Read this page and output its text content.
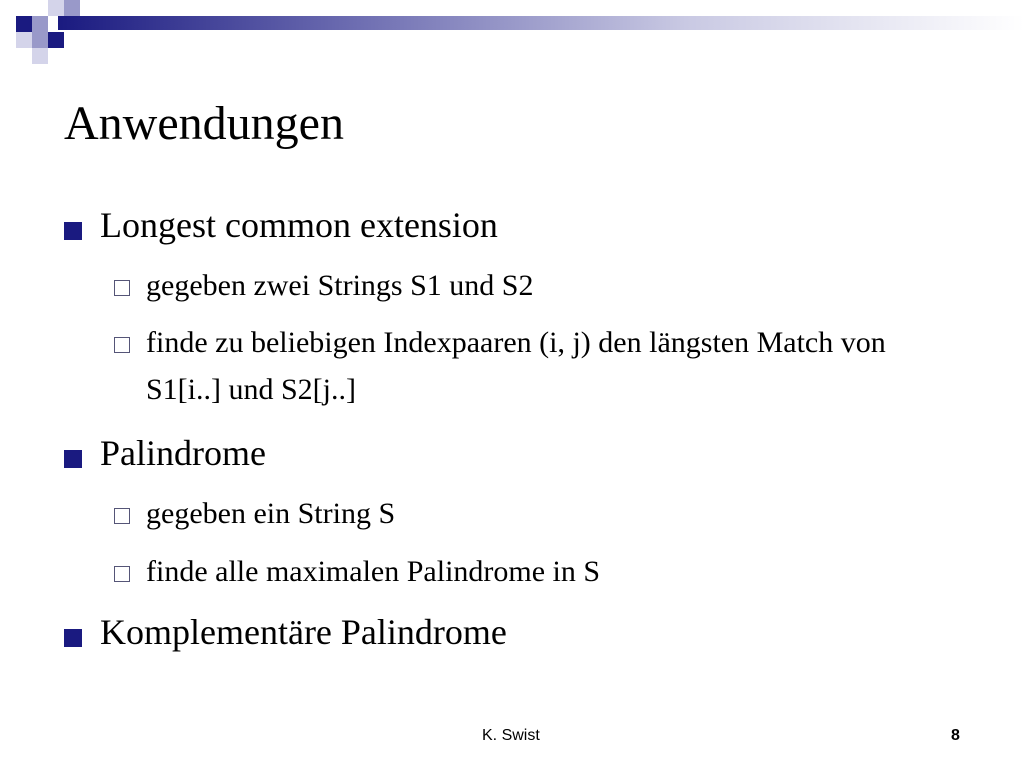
Anwendungen
Longest common extension
gegeben zwei Strings S1 und S2
finde zu beliebigen Indexpaaren (i, j) den längsten Match von S1[i..] und S2[j..]
Palindrome
gegeben ein String S
finde alle maximalen Palindrome in S
Komplementäre Palindrome
K. Swist	8
